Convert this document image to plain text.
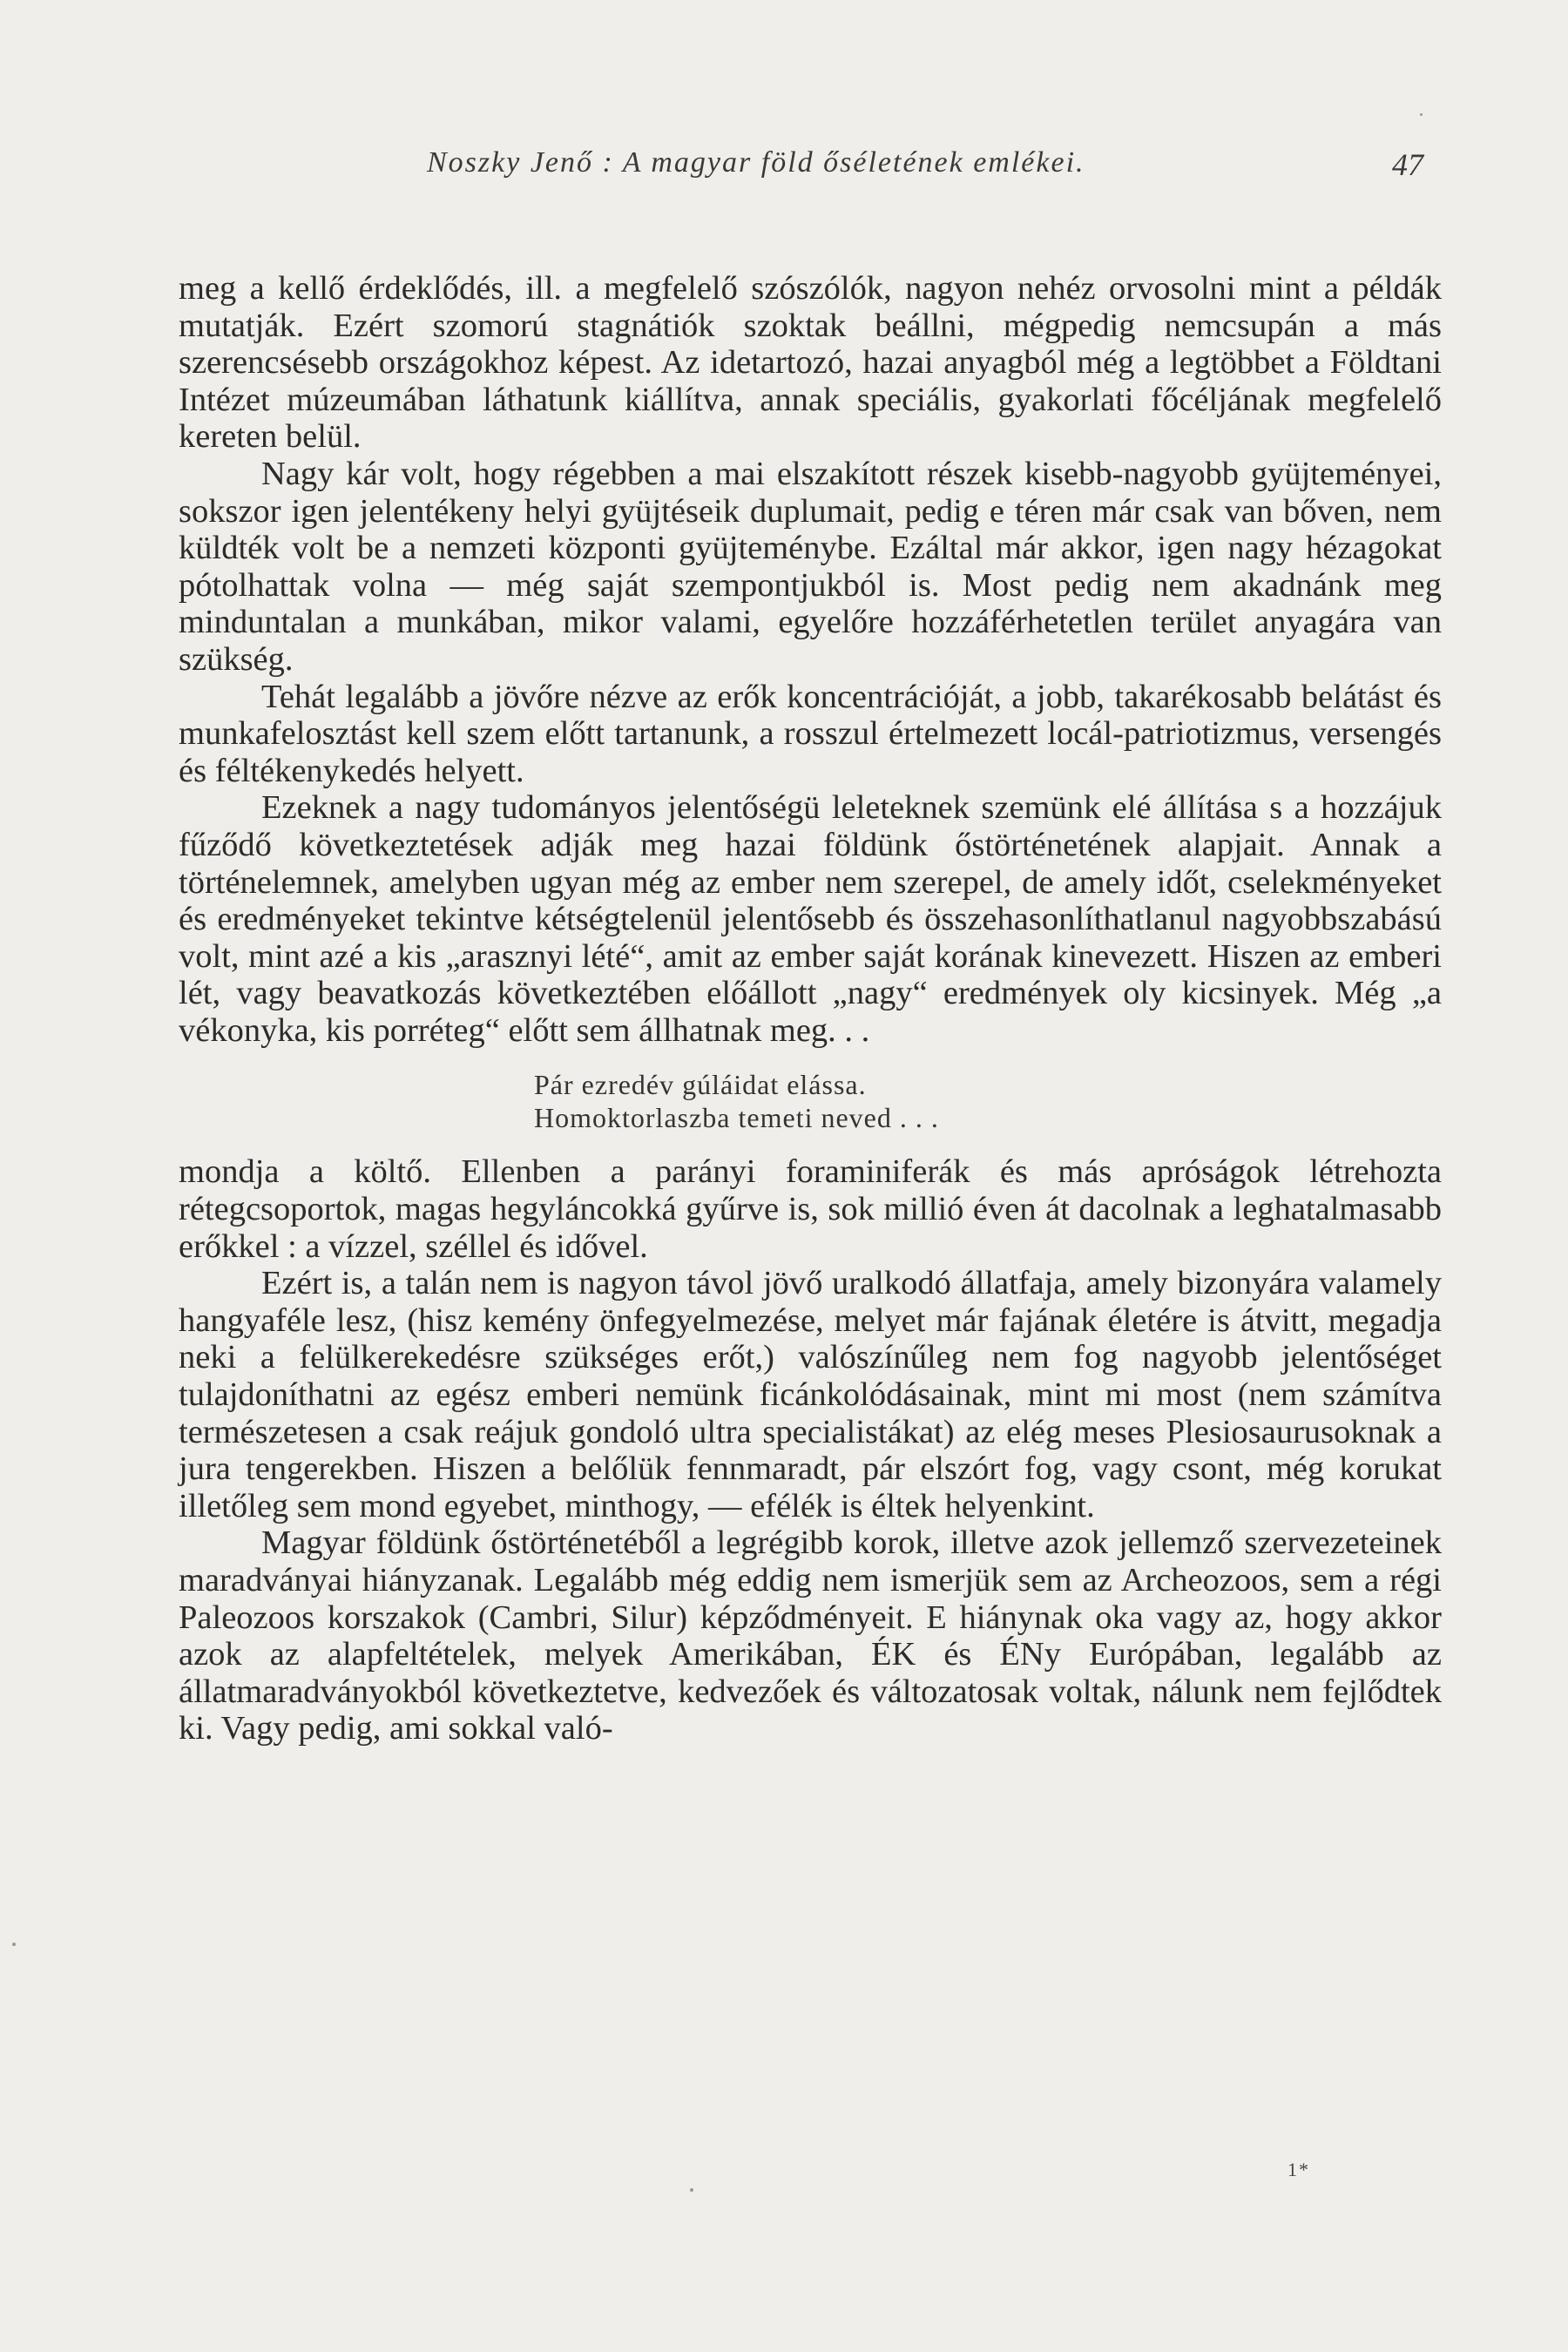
Noszky Jenő : A magyar föld őséletének emlékei.	47

meg a kellő érdeklődés, ill. a megfelelő szószólók, nagyon nehéz orvosolni mint a példák mutatják. Ezért szomorú stagnátiók szoktak beállni, mégpedig nemcsupán a más szerencsésebb országokhoz képest. Az idetartozó, hazai anyagból még a legtöbbet a Földtani Intézet múzeumában láthatunk kiállítva, annak speciális, gyakorlati főcéljának megfelelő kereten belül.

Nagy kár volt, hogy régebben a mai elszakított részek kisebb-nagyobb gyüjteményei, sokszor igen jelentékeny helyi gyüjtéseik duplumait, pedig e téren már csak van bőven, nem küldték volt be a nemzeti központi gyüjteménybe. Ezáltal már akkor, igen nagy hézagokat pótolhattak volna — még saját szempontjukból is. Most pedig nem akadnánk meg minduntalan a munkában, mikor valami, egyelőre hozzáférhetetlen terület anyagára van szükség.

Tehát legalább a jövőre nézve az erők koncentrációját, a jobb, takarékosabb belátást és munkafelosztást kell szem előtt tartanunk, a rosszul értelmezett locál-patriotizmus, versengés és féltékenykedés helyett.

Ezeknek a nagy tudományos jelentőségü leleteknek szemünk elé állítása s a hozzájuk fűződő következtetések adják meg hazai földünk őstörténetének alapjait. Annak a történelemnek, amelyben ugyan még az ember nem szerepel, de amely időt, cselekményeket és eredményeket tekintve kétségtelenül jelentősebb és összehasonlíthatlanul nagyobbszabású volt, mint azé a kis „arasznyi lété“, amit az ember saját korának kinevezett. Hiszen az emberi lét, vagy beavatkozás következtében előállott „nagy“ eredmények oly kicsinyek. Még „a vékonyka, kis porréteg“ előtt sem állhatnak meg. . .

Pár ezredév gúláidat elássa.
Homoktorlaszba temeti neved . . .

mondja a költő. Ellenben a parányi foraminiferák és más apróságok létrehozta rétegcsoportok, magas hegyláncokká gyűrve is, sok millió éven át dacolnak a leghatalmasabb erőkkel : a vízzel, széllel és idővel.

Ezért is, a talán nem is nagyon távol jövő uralkodó állatfaja, amely bizonyára valamely hangyaféle lesz, (hisz kemény önfegyelmezése, melyet már fajának életére is átvitt, megadja neki a felülkerekedésre szükséges erőt,) valószínűleg nem fog nagyobb jelentőséget tulajdoníthatni az egész emberi nemünk ficánkolódásainak, mint mi most (nem számítva természetesen a csak reájuk gondoló ultra specialistákat) az elég meses Plesiosaurusoknak a jura tengerekben. Hiszen a belőlük fennmaradt, pár elszórt fog, vagy csont, még korukat illetőleg sem mond egyebet, minthogy, — efélék is éltek helyenkint.

Magyar földünk őstörténetéből a legrégibb korok, illetve azok jellemző szervezeteinek maradványai hiányzanak. Legalább még eddig nem ismerjük sem az Archeozoos, sem a régi Paleozoos korszakok (Cambri, Silur) képződményeit. E hiánynak oka vagy az, hogy akkor azok az alapfeltételek, melyek Amerikában, ÉK és ÉNy Európában, legalább az állatmaradványokból következtetve, kedvezőek és változatosak voltak, nálunk nem fejlődtek ki. Vagy pedig, ami sokkal való-

1*
